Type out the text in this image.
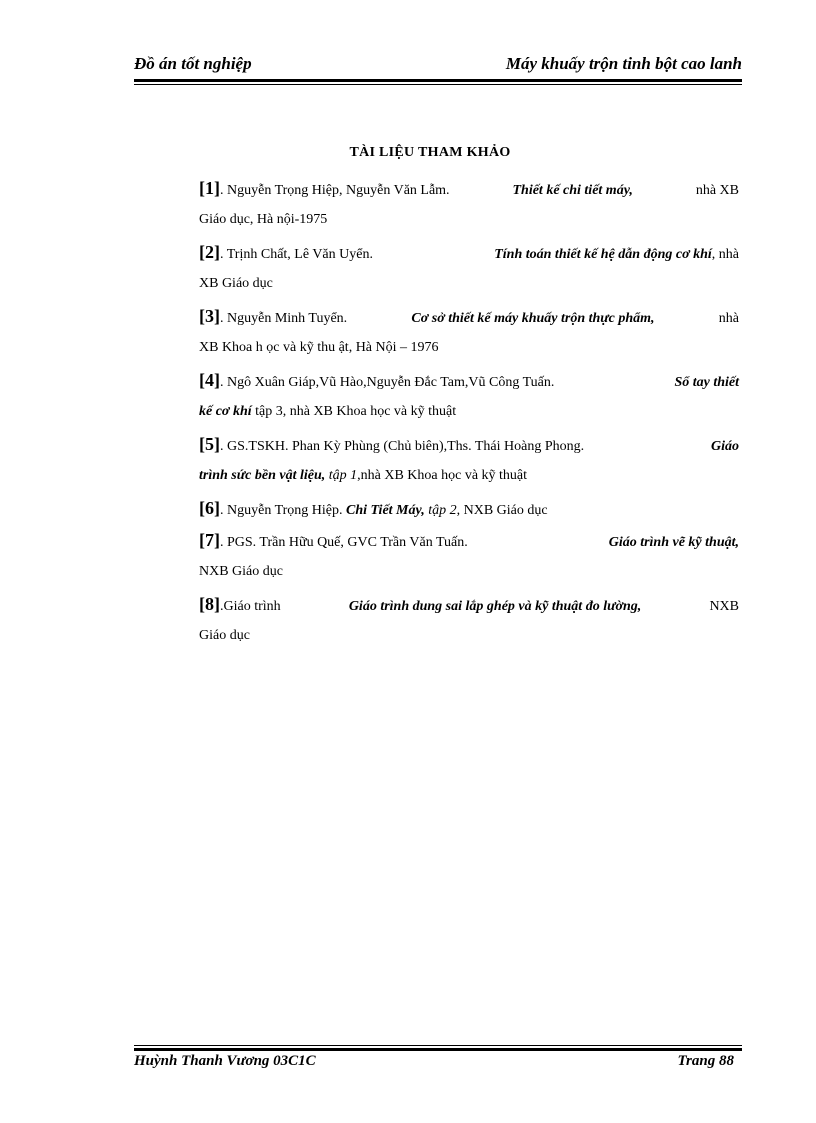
Đồ án tốt nghiệp	Máy khuấy trộn tinh bột cao lanh
TÀI LIỆU THAM KHẢO
[1]. Nguyễn Trọng Hiệp, Nguyễn Văn Lẫm.	Thiết kế chi tiết máy,	nhà XB
Giáo dục, Hà nội-1975
[2]. Trịnh Chất, Lê Văn Uyển.	Tính toán thiết kế hệ dẫn động cơ khí, nhà
XB Giáo dục
[3]. Nguyễn Minh Tuyển.	Cơ sở thiết kế máy khuấy trộn thực phẩm,	nhà
XB Khoa h ọc và kỹ thu ật, Hà Nội – 1976
[4]. Ngô Xuân Giáp,Vũ Hào,Nguyễn Đắc Tam,Vũ Công Tuấn.	Sổ tay thiết
kế cơ khí tập 3, nhà XB Khoa học và kỹ thuật
[5]. GS.TSKH. Phan Kỳ Phùng (Chủ biên),Ths. Thái Hoàng Phong.	Giáo
trình sức bền vật liệu, tập 1,nhà XB Khoa học và kỹ thuật
[6]. Nguyễn Trọng Hiệp. Chi Tiết Máy, tập 2, NXB Giáo dục
[7]. PGS. Trần Hữu Quế, GVC Trần Văn Tuấn.	Giáo trình vẽ kỹ thuật,
NXB Giáo dục
[8].Giáo trình	Giáo trình dung sai lắp ghép và kỹ thuật đo lường,	NXB
Giáo dục
Huỳnh Thanh Vương 03C1C	Trang 88
